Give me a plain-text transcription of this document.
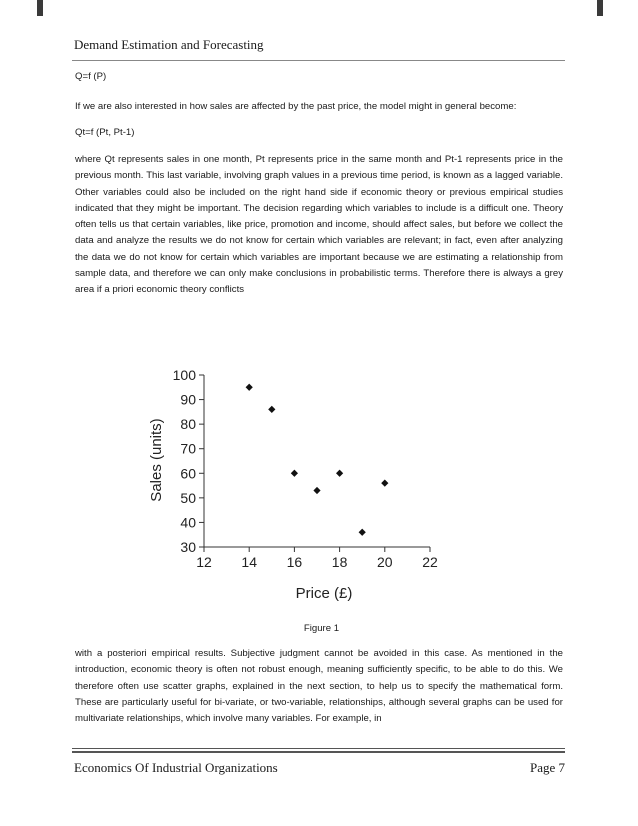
Demand Estimation and Forecasting

Q=f (P)

If we are also interested in how sales are affected by the past price, the model might in general become:

Qt=f (Pt, Pt-1)

where Qt represents sales in one month, Pt represents price in the same month and Pt-1 represents price in the previous month. This last variable, involving graph values in a previous time period, is known as a lagged variable. Other variables could also be included on the right hand side if economic theory or previous empirical studies indicated that they might be important. The decision regarding which variables to include is a difficult one. Theory often tells us that certain variables, like price, promotion and income, should affect sales, but before we collect the data and analyze the results we do not know for certain which variables are relevant; in fact, even after analyzing the data we do not know for certain which variables are important because we are estimating a relationship from sample data, and therefore we can only make conclusions in probabilistic terms. Therefore there is always a grey area if a priori economic theory conflicts

30
40
50
60
70
80
90
100
12 14 16 18 20 22
Price (£)
Sales (units)

Figure 1

with a posteriori empirical results. Subjective judgment cannot be avoided in this case. As mentioned in the introduction, economic theory is often not robust enough, meaning sufficiently specific, to be able to do this. We therefore often use scatter graphs, explained in the next section, to help us to specify the mathematical form. These are particularly useful for bi-variate, or two-variable, relationships, although several graphs can be used for multivariate relationships, which involve many variables. For example, in

Economics Of Industrial Organizations	Page 7
